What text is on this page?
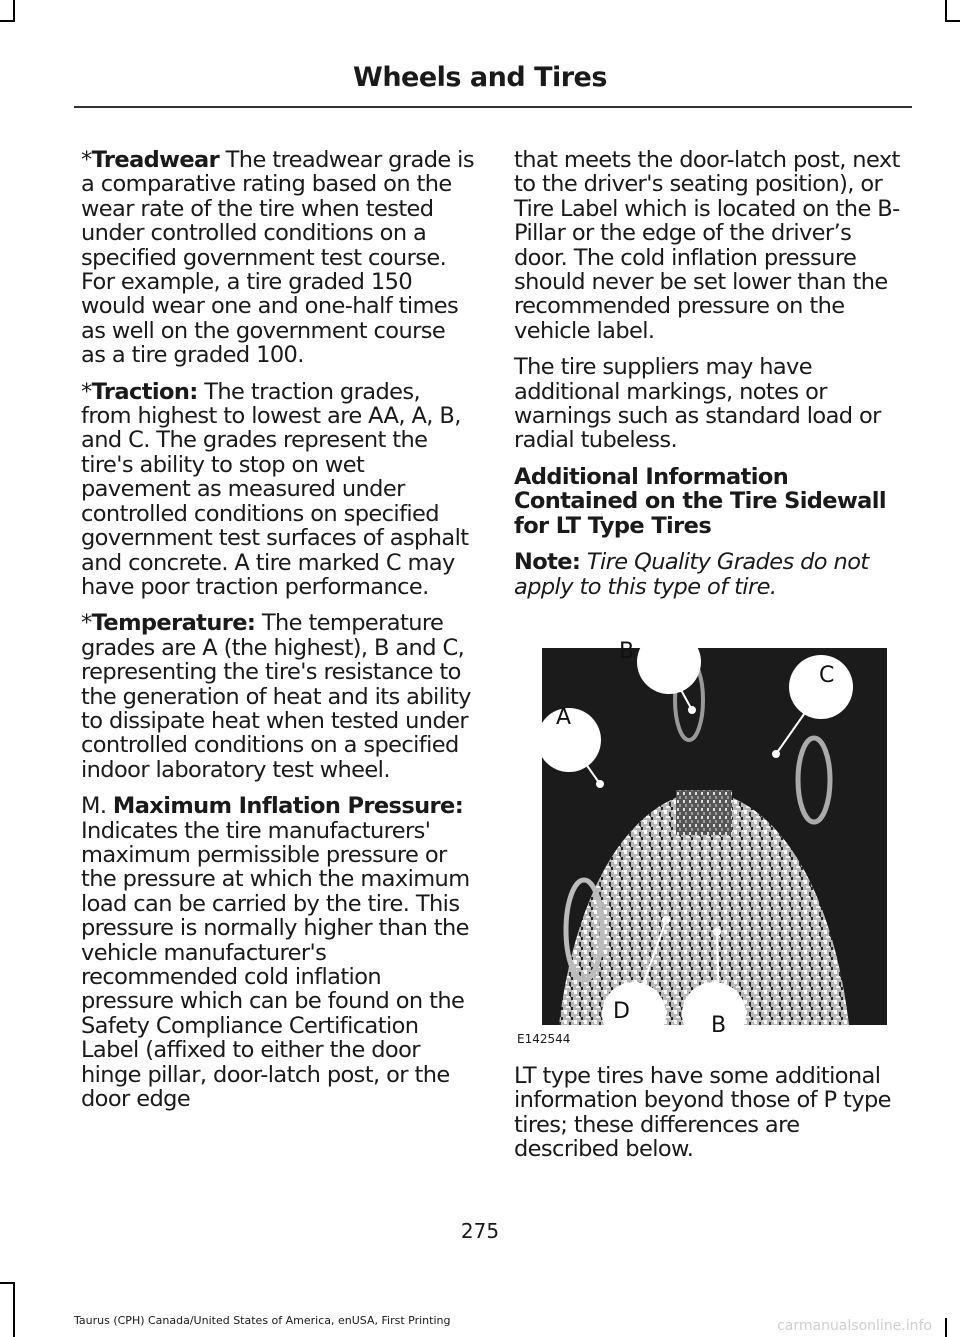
Wheels and Tires

*Treadwear The treadwear grade is a comparative rating based on the wear rate of the tire when tested under controlled conditions on a specified government test course. For example, a tire graded 150 would wear one and one-half times as well on the government course as a tire graded 100.

*Traction: The traction grades, from highest to lowest are AA, A, B, and C. The grades represent the tire's ability to stop on wet pavement as measured under controlled conditions on specified government test surfaces of asphalt and concrete. A tire marked C may have poor traction performance.

*Temperature: The temperature grades are A (the highest), B and C, representing the tire's resistance to the generation of heat and its ability to dissipate heat when tested under controlled conditions on a specified indoor laboratory test wheel.

M. Maximum Inflation Pressure: Indicates the tire manufacturers' maximum permissible pressure or the pressure at which the maximum load can be carried by the tire. This pressure is normally higher than the vehicle manufacturer's recommended cold inflation pressure which can be found on the Safety Compliance Certification Label (affixed to either the door hinge pillar, door-latch post, or the door edge

that meets the door-latch post, next to the driver's seating position), or Tire Label which is located on the B-Pillar or the edge of the driver’s door. The cold inflation pressure should never be set lower than the recommended pressure on the vehicle label.

The tire suppliers may have additional markings, notes or warnings such as standard load or radial tubeless.

Additional Information Contained on the Tire Sidewall for LT Type Tires

Note: Tire Quality Grades do not apply to this type of tire.

B
C
A
D
B
E142544

LT type tires have some additional information beyond those of P type tires; these differences are described below.

275
Taurus (CPH) Canada/United States of America, enUSA, First Printing	carmanualsonline.info
